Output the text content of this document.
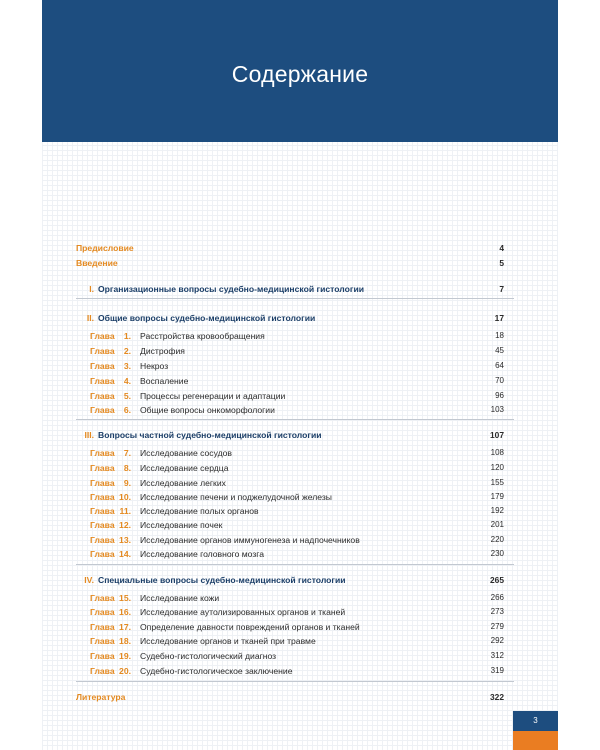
Содержание
Предисловие	4
Введение	5
I. Организационные вопросы судебно-медицинской гистологии	7
II. Общие вопросы судебно-медицинской гистологии	17
Глава	1. Расстройства кровообращения	18
Глава	2. Дистрофия	45
Глава	3. Некроз	64
Глава	4. Воспаление	70
Глава	5. Процессы регенерации и адаптации	96
Глава	6. Общие вопросы онкоморфологии	103
III. Вопросы частной судебно-медицинской гистологии	107
Глава	7. Исследование сосудов	108
Глава	8. Исследование сердца	120
Глава	9. Исследование легких	155
Глава 10. Исследование печени и поджелудочной железы	179
Глава 11. Исследование полых органов	192
Глава 12. Исследование почек	201
Глава 13. Исследование органов иммуногенеза и надпочечников	220
Глава 14. Исследование головного мозга	230
IV. Специальные вопросы судебно-медицинской гистологии	265
Глава 15. Исследование кожи	266
Глава 16. Исследование аутолизированных органов и тканей	273
Глава 17. Определение давности повреждений органов и тканей	279
Глава 18. Исследование органов и тканей при травме	292
Глава 19. Судебно-гистологический диагноз	312
Глава 20. Судебно-гистологическое заключение	319
Литература	322
3
